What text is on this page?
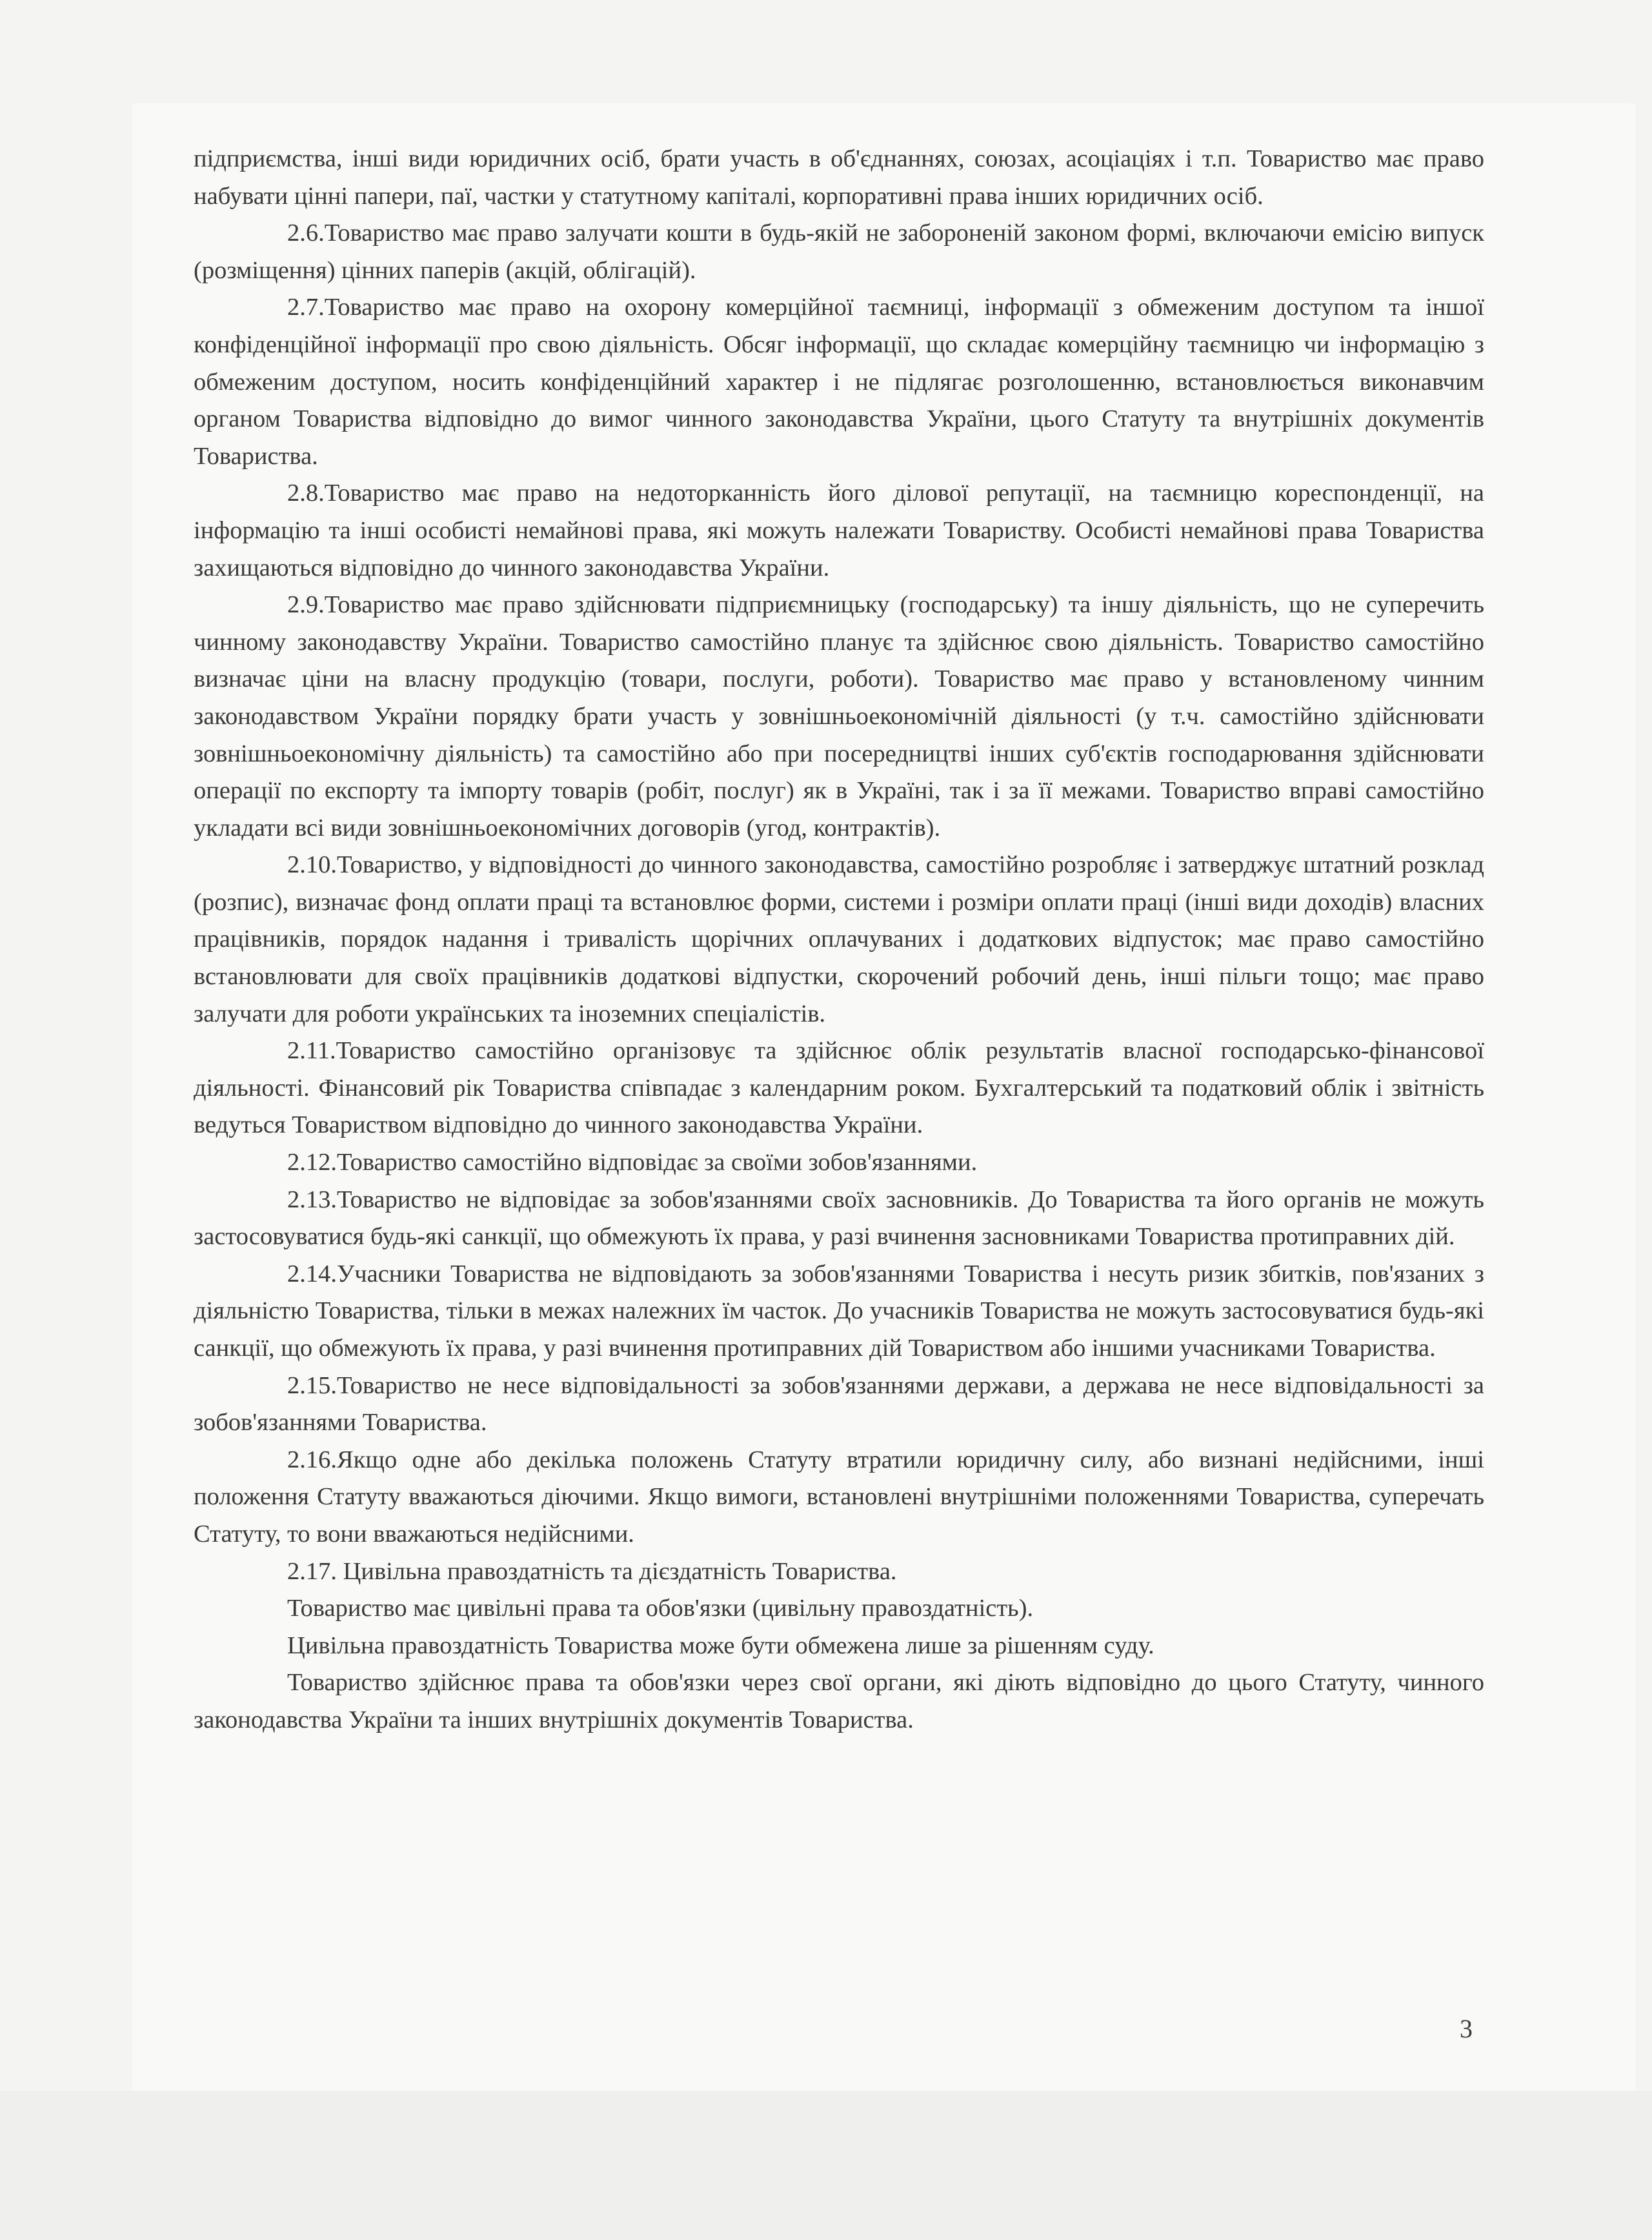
підприємства, інші види юридичних осіб, брати участь в об'єднаннях, союзах, асоціаціях і т.п. Товариство має право набувати цінні папери, паї, частки у статутному капіталі, корпоративні права інших юридичних осіб.

2.6.Товариство має право залучати кошти в будь-якій не забороненій законом формі, включаючи емісію випуск (розміщення) цінних паперів (акцій, облігацій).

2.7.Товариство має право на охорону комерційної таємниці, інформації з обмеженим доступом та іншої конфіденційної інформації про свою діяльність. Обсяг інформації, що складає комерційну таємницю чи інформацію з обмеженим доступом, носить конфіденційний характер і не підлягає розголошенню, встановлюється виконавчим органом Товариства відповідно до вимог чинного законодавства України, цього Статуту та внутрішніх документів Товариства.

2.8.Товариство має право на недоторканність його ділової репутації, на таємницю кореспонденції, на інформацію та інші особисті немайнові права, які можуть належати Товариству. Особисті немайнові права Товариства захищаються відповідно до чинного законодавства України.

2.9.Товариство має право здійснювати підприємницьку (господарську) та іншу діяльність, що не суперечить чинному законодавству України. Товариство самостійно планує та здійснює свою діяльність. Товариство самостійно визначає ціни на власну продукцію (товари, послуги, роботи). Товариство має право у встановленому чинним законодавством України порядку брати участь у зовнішньоекономічній діяльності (у т.ч. самостійно здійснювати зовнішньоекономічну діяльність) та самостійно або при посередництві інших суб'єктів господарювання здійснювати операції по експорту та імпорту товарів (робіт, послуг) як в Україні, так і за її межами. Товариство вправі самостійно укладати всі види зовнішньоекономічних договорів (угод, контрактів).

2.10.Товариство, у відповідності до чинного законодавства, самостійно розробляє і затверджує штатний розклад (розпис), визначає фонд оплати праці та встановлює форми, системи і розміри оплати праці (інші види доходів) власних працівників, порядок надання і тривалість щорічних оплачуваних і додаткових відпусток; має право самостійно встановлювати для своїх працівників додаткові відпустки, скорочений робочий день, інші пільги тощо; має право залучати для роботи українських та іноземних спеціалістів.

2.11.Товариство самостійно організовує та здійснює облік результатів власної господарсько-фінансової діяльності. Фінансовий рік Товариства співпадає з календарним роком. Бухгалтерський та податковий облік і звітність ведуться Товариством відповідно до чинного законодавства України.

2.12.Товариство самостійно відповідає за своїми зобов'язаннями.

2.13.Товариство не відповідає за зобов'язаннями своїх засновників. До Товариства та його органів не можуть застосовуватися будь-які санкції, що обмежують їх права, у разі вчинення засновниками Товариства протиправних дій.

2.14.Учасники Товариства не відповідають за зобов'язаннями Товариства і несуть ризик збитків, пов'язаних з діяльністю Товариства, тільки в межах належних їм часток. До учасників Товариства не можуть застосовуватися будь-які санкції, що обмежують їх права, у разі вчинення протиправних дій Товариством або іншими учасниками Товариства.

2.15.Товариство не несе відповідальності за зобов'язаннями держави, а держава не несе відповідальності за зобов'язаннями Товариства.

2.16.Якщо одне або декілька положень Статуту втратили юридичну силу, або визнані недійсними, інші положення Статуту вважаються діючими. Якщо вимоги, встановлені внутрішніми положеннями Товариства, суперечать Статуту, то вони вважаються недійсними.

2.17. Цивільна правоздатність та дієздатність Товариства.

Товариство має цивільні права та обов'язки (цивільну правоздатність).

Цивільна правоздатність Товариства може бути обмежена лише за рішенням суду.

Товариство здійснює права та обов'язки через свої органи, які діють відповідно до цього Статуту, чинного законодавства України та інших внутрішніх документів Товариства.

3
